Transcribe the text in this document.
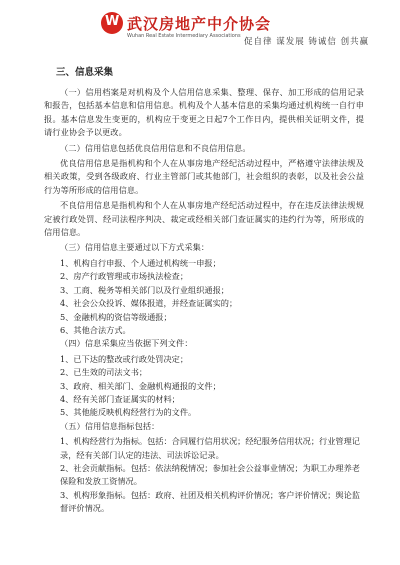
W 武汉房地产中介协会
Wuhan Real Estate Intermediary Associations
促自律 谋发展 铸诚信 创共赢
三、信息采集

（一）信用档案是对机构及个人信用信息采集、整理、保存、加工形成的信用记录和报告，包括基本信息和信用信息。机构及个人基本信息的采集均通过机构统一自行申报。基本信息发生变更的，机构应于变更之日起7个工作日内，提供相关证明文件，提请行业协会予以更改。

（二）信用信息包括优良信用信息和不良信用信息。

优良信用信息是指机构和个人在从事房地产经纪活动过程中，严格遵守法律法规及相关政策，受到各级政府、行业主管部门或其他部门，社会组织的表彰，以及社会公益行为等所形成的信用信息。

不良信用信息是指机构和个人在从事房地产经纪活动过程中，存在违反法律法规规定被行政处罚、经司法程序判决、裁定或经相关部门查证属实的违约行为等，所形成的信用信息。

（三）信用信息主要通过以下方式采集：

1、机构自行申报、个人通过机构统一申报；
2、房产行政管理或市场执法检查；
3、工商、税务等相关部门以及行业组织通报；
4、社会公众投诉、媒体报道，并经查证属实的；
5、金融机构的资信等级通报；
6、其他合法方式。

（四）信息采集应当依据下列文件：

1、已下达的整改或行政处罚决定；
2、已生效的司法文书；
3、政府、相关部门、金融机构通报的文件；
4、经有关部门查证属实的材料；
5、其他能反映机构经营行为的文件。

（五）信用信息指标包括：

1、机构经营行为指标。包括：合同履行信用状况；经纪服务信用状况；行业管理记录，经有关部门认定的违法、司法诉讼记录。
2、社会贡献指标。包括：依法纳税情况；参加社会公益事业情况；为职工办理养老保险和发放工资情况。
3、机构形象指标。包括：政府、社团及相关机构评价情况；客户评价情况；舆论监督评价情况。
